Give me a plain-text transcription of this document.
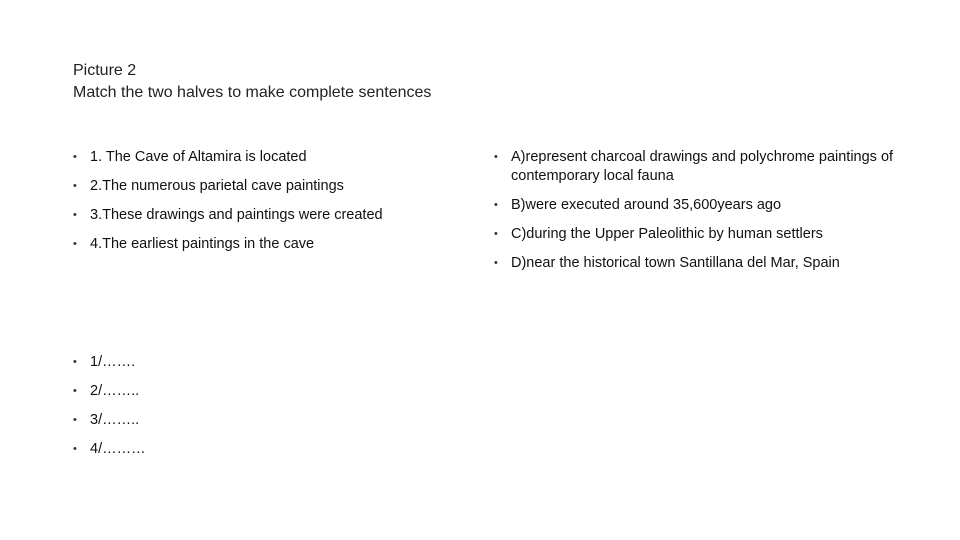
Picture 2
Match the two halves to make complete sentences
• 1. The Cave of Altamira is located
• 2.The numerous parietal cave paintings
• 3.These drawings and paintings were created
• 4.The earliest paintings in the cave
• A)represent charcoal drawings and polychrome paintings of contemporary local fauna
• B)were executed around 35,600years ago
• C)during the Upper Paleolithic by human settlers
• D)near the historical town Santillana del Mar, Spain
• 1/…….
• 2/……..
• 3/……..
• 4/………
